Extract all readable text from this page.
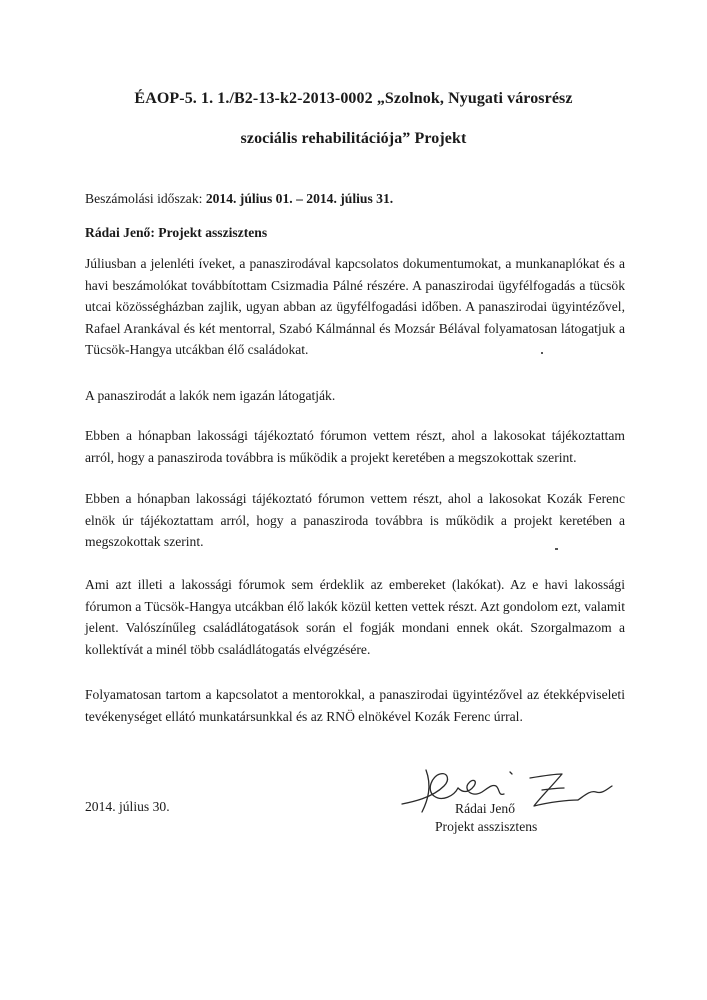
ÉAOP-5. 1. 1./B2-13-k2-2013-0002 „Szolnok, Nyugati városrész
szociális rehabilitációja” Projekt

Beszámolási időszak: 2014. július 01. – 2014. július 31.

Rádai Jenő: Projekt asszisztens

Júliusban a jelenléti íveket, a panaszirodával kapcsolatos dokumentumokat, a munkanaplókat és a havi beszámolókat továbbítottam Csizmadia Pálné részére. A panaszirodai ügyfélfogadás a tücsök utcai közösségházban zajlik, ugyan abban az ügyfélfogadási időben. A panaszirodai ügyintézővel, Rafael Arankával és két mentorral, Szabó Kálmánnal és Mozsár Bélával folyamatosan látogatjuk a Tücsök-Hangya utcákban élő családokat.

A panaszirodát a lakók nem igazán látogatják.

Ebben a hónapban lakossági tájékoztató fórumon vettem részt, ahol a lakosokat tájékoztattam arról, hogy a panasziroda továbbra is működik a projekt keretében a megszokottak szerint.

Ebben a hónapban lakossági tájékoztató fórumon vettem részt, ahol a lakosokat Kozák Ferenc elnök úr tájékoztattam arról, hogy a panasziroda továbbra is működik a projekt keretében a megszokottak szerint.

Ami azt illeti a lakossági fórumok sem érdeklik az embereket (lakókat). Az e havi lakossági fórumon a Tücsök-Hangya utcákban élő lakók közül ketten vettek részt. Azt gondolom ezt, valamit jelent. Valószínűleg családlátogatások során el fogják mondani ennek okát. Szorgalmazom a kollektívát a minél több családlátogatás elvégzésére.

Folyamatosan tartom a kapcsolatot a mentorokkal, a panaszirodai ügyintézővel az étekképviseleti tevékenységet ellátó munkatársunkkal és az RNÖ elnökével Kozák Ferenc úrral.

2014. július 30.	Rádai Jenő
Projekt asszisztens
